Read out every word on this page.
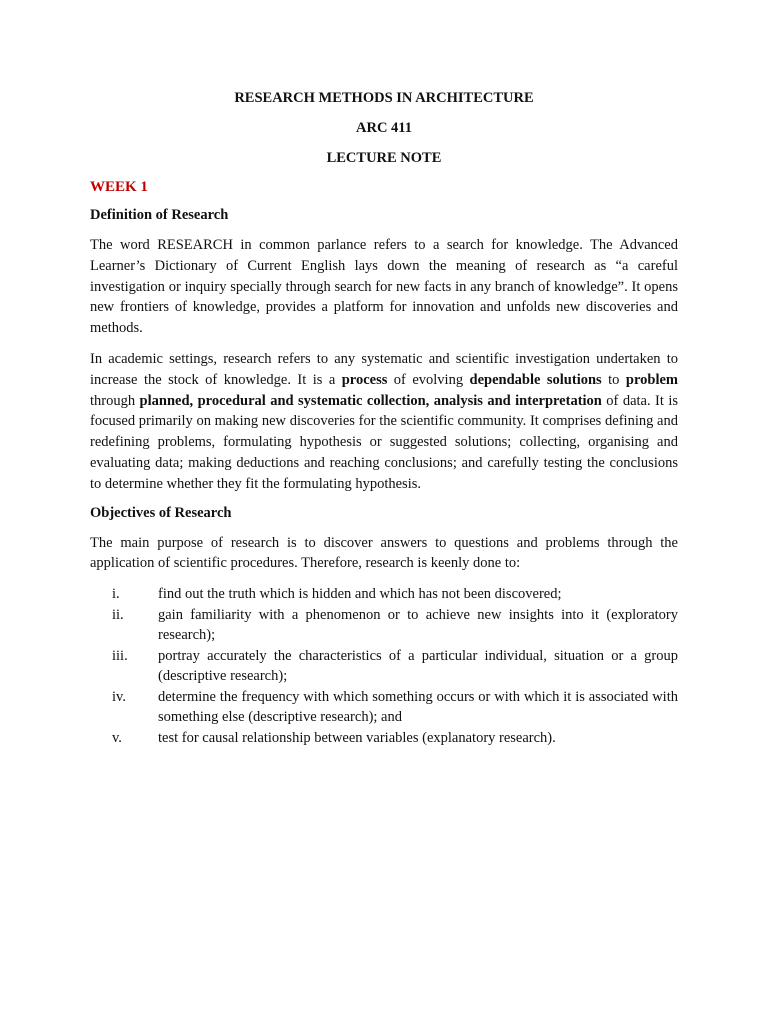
RESEARCH METHODS IN ARCHITECTURE
ARC 411
LECTURE NOTE
WEEK 1
Definition of Research

The word RESEARCH in common parlance refers to a search for knowledge. The Advanced Learner’s Dictionary of Current English lays down the meaning of research as “a careful investigation or inquiry specially through search for new facts in any branch of knowledge”. It opens new frontiers of knowledge, provides a platform for innovation and unfolds new discoveries and methods.

In academic settings, research refers to any systematic and scientific investigation undertaken to increase the stock of knowledge. It is a process of evolving dependable solutions to problem through planned, procedural and systematic collection, analysis and interpretation of data. It is focused primarily on making new discoveries for the scientific community. It comprises defining and redefining problems, formulating hypothesis or suggested solutions; collecting, organising and evaluating data; making deductions and reaching conclusions; and carefully testing the conclusions to determine whether they fit the formulating hypothesis.

Objectives of Research

The main purpose of research is to discover answers to questions and problems through the application of scientific procedures. Therefore, research is keenly done to:

i.	find out the truth which is hidden and which has not been discovered;
ii.	gain familiarity with a phenomenon or to achieve new insights into it (exploratory research);
iii.	portray accurately the characteristics of a particular individual, situation or a group (descriptive research);
iv.	determine the frequency with which something occurs or with which it is associated with something else (descriptive research); and
v.	test for causal relationship between variables (explanatory research).
